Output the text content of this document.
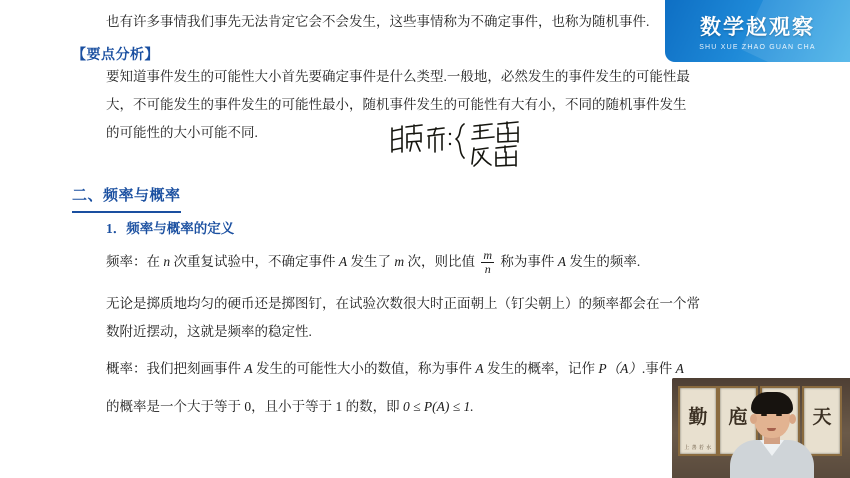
也有许多事情我们事先无法肯定它会不会发生，这些事情称为不确定事件，也称为随机事件.
【要点分析】
要知道事件发生的可能性大小首先要确定事件是什么类型.一般地，必然发生的事件发生的可能性最
大，不可能发生的事件发生的可能性最小，随机事件发生的可能性有大有小，不同的随机事件发生
的可能性的大小可能不同.
二、频率与概率
1．频率与概率的定义
频率：在 n 次重复试验中，不确定事件 A 发生了 m 次，则比值 $\frac{m}{n}$ 称为事件 A 发生的频率.
无论是掷质地均匀的硬币还是掷图钉，在试验次数很大时正面朝上（钉尖朝上）的频率都会在一个常
数附近摆动，这就是频率的稳定性.
概率：我们把刻画事件 A 发生的可能性大小的数值，称为事件 A 发生的概率，记作 P（A）.事件 A
的概率是一个大于等于 0，且小于等于 1 的数，即 0 ≤ P(A) ≤ 1.
数学赵观察
SHU XUE ZHAO GUAN CHA
勤
上 善 若 水
庖	天
